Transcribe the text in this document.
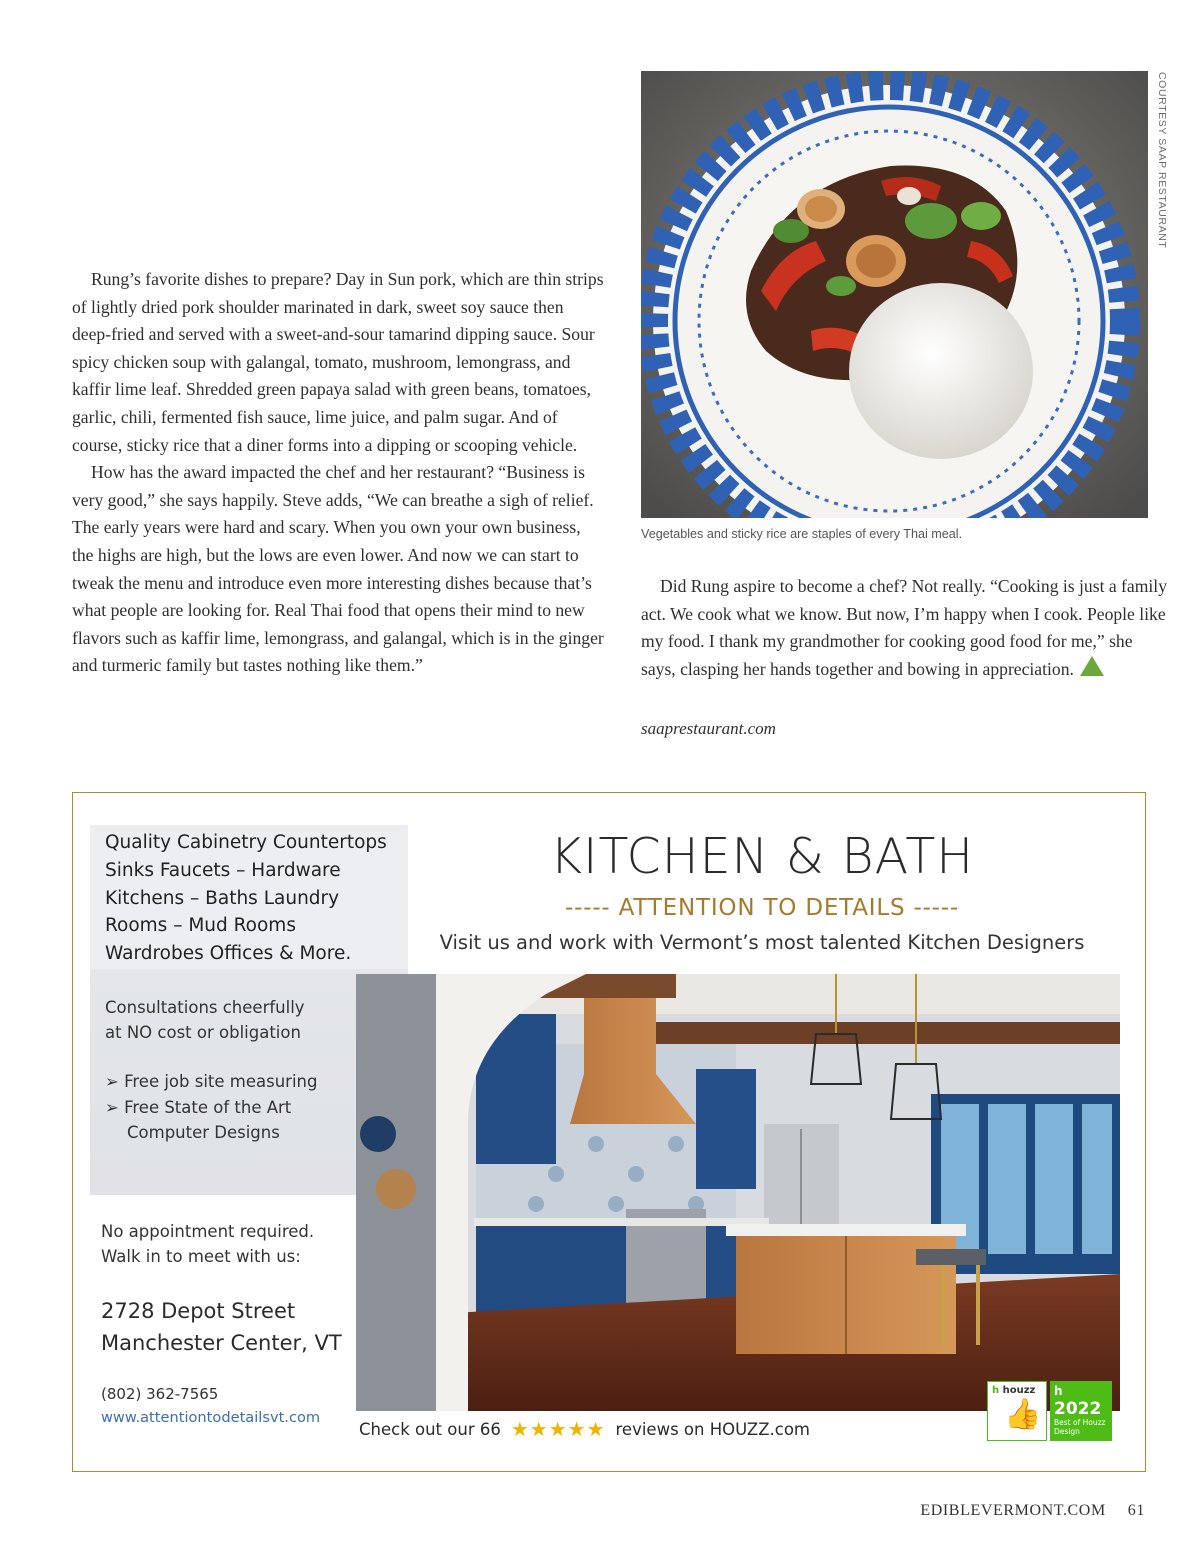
Rung’s favorite dishes to prepare? Day in Sun pork, which are thin strips of lightly dried pork shoulder marinated in dark, sweet soy sauce then deep-fried and served with a sweet-and-sour tamarind dipping sauce. Sour spicy chicken soup with galangal, tomato, mushroom, lemongrass, and kaffir lime leaf. Shredded green papaya salad with green beans, tomatoes, garlic, chili, fermented fish sauce, lime juice, and palm sugar. And of course, sticky rice that a diner forms into a dipping or scooping vehicle.

How has the award impacted the chef and her restaurant? “Business is very good,” she says happily. Steve adds, “We can breathe a sigh of relief. The early years were hard and scary. When you own your own business, the highs are high, but the lows are even lower. And now we can start to tweak the menu and introduce even more interesting dishes because that’s what people are looking for. Real Thai food that opens their mind to new flavors such as kaffir lime, lemongrass, and galangal, which is in the ginger and turmeric family but tastes nothing like them.”

COURTESY SAAP RESTAURANT
Vegetables and sticky rice are staples of every Thai meal.

Did Rung aspire to become a chef? Not really. “Cooking is just a family act. We cook what we know. But now, I’m happy when I cook. People like my food. I thank my grandmother for cooking good food for me,” she says, clasping her hands together and bowing in appreciation.	e

saaprestaurant.com
Quality Cabinetry Countertops
Sinks Faucets – Hardware
Kitchens – Baths Laundry
Rooms – Mud Rooms
Wardrobes Offices & More.
Consultations cheerfully
at NO cost or obligation
➢ Free job site measuring
➢ Free State of the Art
Computer Designs
No appointment required.
Walk in to meet with us:
2728 Depot Street
Manchester Center, VT
(802) 362-7565
www.attentiontodetailsvt.com
KITCHEN & BATH
----- ATTENTION TO DETAILS -----
Visit us and work with Vermont’s most talented Kitchen Designers
Check out our 66 ★★★★★ reviews on HOUZZ.com
h houzz
👍
h
2022
Best of Houzz
Design
EDIBLEVERMONT.COM 61
